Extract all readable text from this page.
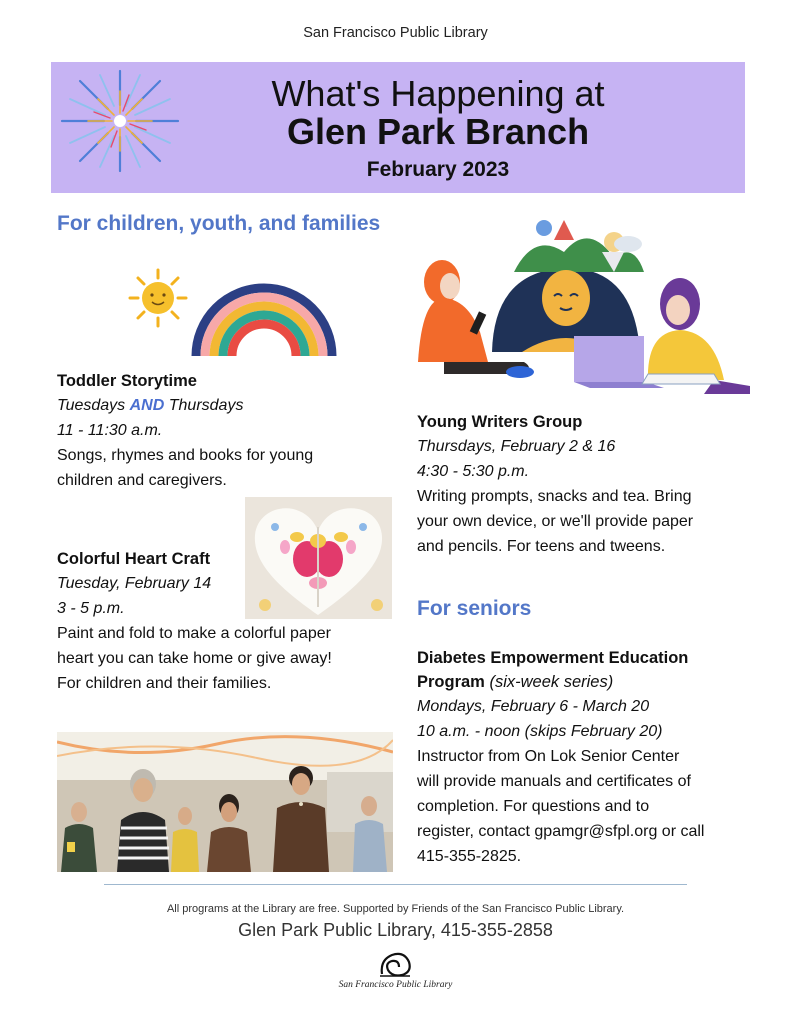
San Francisco Public Library
What's Happening at
Glen Park Branch
February 2023
For children, youth, and families
Toddler Storytime
Tuesdays AND Thursdays
11 - 11:30 a.m.
Songs, rhymes and books for young
children and caregivers.
Colorful Heart Craft
Tuesday, February 14
3 - 5 p.m.
Paint and fold to make a colorful paper
heart you can take home or give away!
For children and their families.
Young Writers Group
Thursdays, February 2 & 16
4:30 - 5:30 p.m.
Writing prompts, snacks and tea. Bring
your own device, or we'll provide paper
and pencils. For teens and tweens.
For seniors
Diabetes Empowerment Education
Program (six-week series)
Mondays, February 6 - March 20
10 a.m. - noon (skips February 20)
Instructor from On Lok Senior Center
will provide manuals and certificates of
completion. For questions and to
register, contact gpamgr@sfpl.org or call
415-355-2825.
All programs at the Library are free. Supported by Friends of the San Francisco Public Library.
Glen Park Public Library, 415-355-2858
San Francisco Public Library
